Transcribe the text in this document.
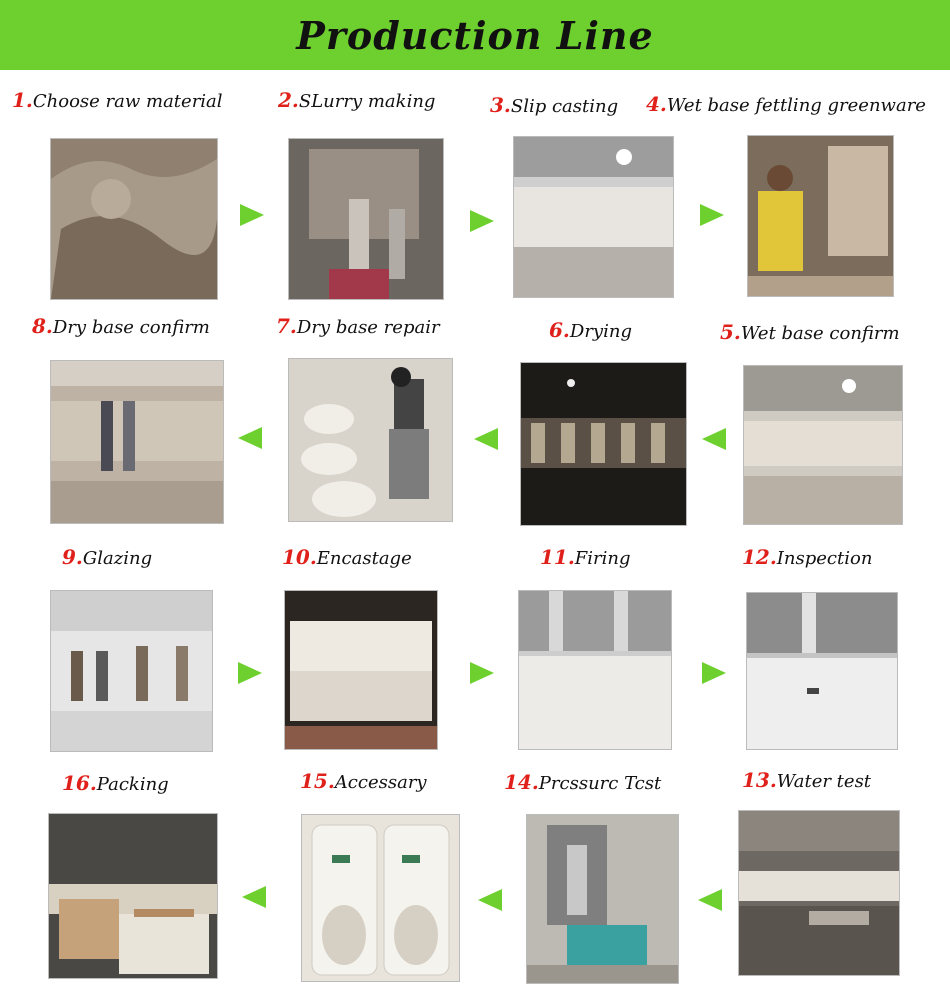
Production Line
1.Choose raw material	2.SLurry making	3.Slip casting 4.Wet base fettling greenware
8.Dry base confirm	7.Dry base repair	6.Drying	5.Wet base confirm
9.Glazing	10.Encastage	11.Firing	12.Inspection
16.Packing	15.Accessary	14.Prcssurc Tcst	13.Water test
